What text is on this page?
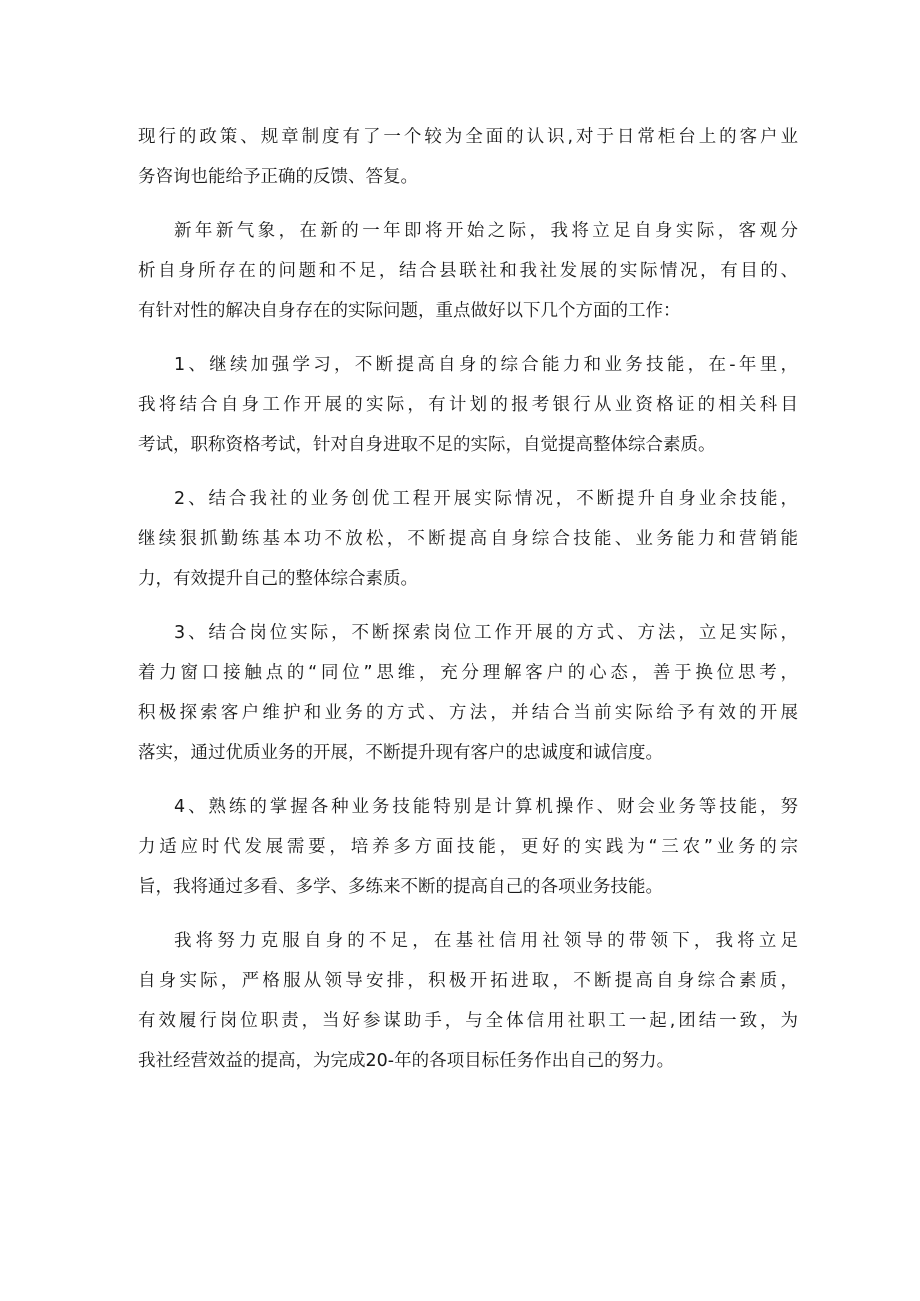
现行的政策、规章制度有了一个较为全面的认识,对于日常柜台上的客户业
务咨询也能给予正确的反馈、答复。
新年新气象，在新的一年即将开始之际，我将立足自身实际，客观分
析自身所存在的问题和不足，结合县联社和我社发展的实际情况，有目的、
有针对性的解决自身存在的实际问题，重点做好以下几个方面的工作：
1、继续加强学习，不断提高自身的综合能力和业务技能，在-年里，
我将结合自身工作开展的实际，有计划的报考银行从业资格证的相关科目
考试，职称资格考试，针对自身进取不足的实际，自觉提高整体综合素质。
2、结合我社的业务创优工程开展实际情况，不断提升自身业余技能，
继续狠抓勤练基本功不放松，不断提高自身综合技能、业务能力和营销能
力，有效提升自己的整体综合素质。
3、结合岗位实际，不断探索岗位工作开展的方式、方法，立足实际，
着力窗口接触点的“同位”思维，充分理解客户的心态，善于换位思考，
积极探索客户维护和业务的方式、方法，并结合当前实际给予有效的开展
落实，通过优质业务的开展，不断提升现有客户的忠诚度和诚信度。
4、熟练的掌握各种业务技能特别是计算机操作、财会业务等技能，努
力适应时代发展需要，培养多方面技能，更好的实践为“三农”业务的宗
旨，我将通过多看、多学、多练来不断的提高自己的各项业务技能。
我将努力克服自身的不足，在基社信用社领导的带领下，我将立足
自身实际，严格服从领导安排，积极开拓进取，不断提高自身综合素质，
有效履行岗位职责，当好参谋助手，与全体信用社职工一起,团结一致，为
我社经营效益的提高，为完成20-年的各项目标任务作出自己的努力。
